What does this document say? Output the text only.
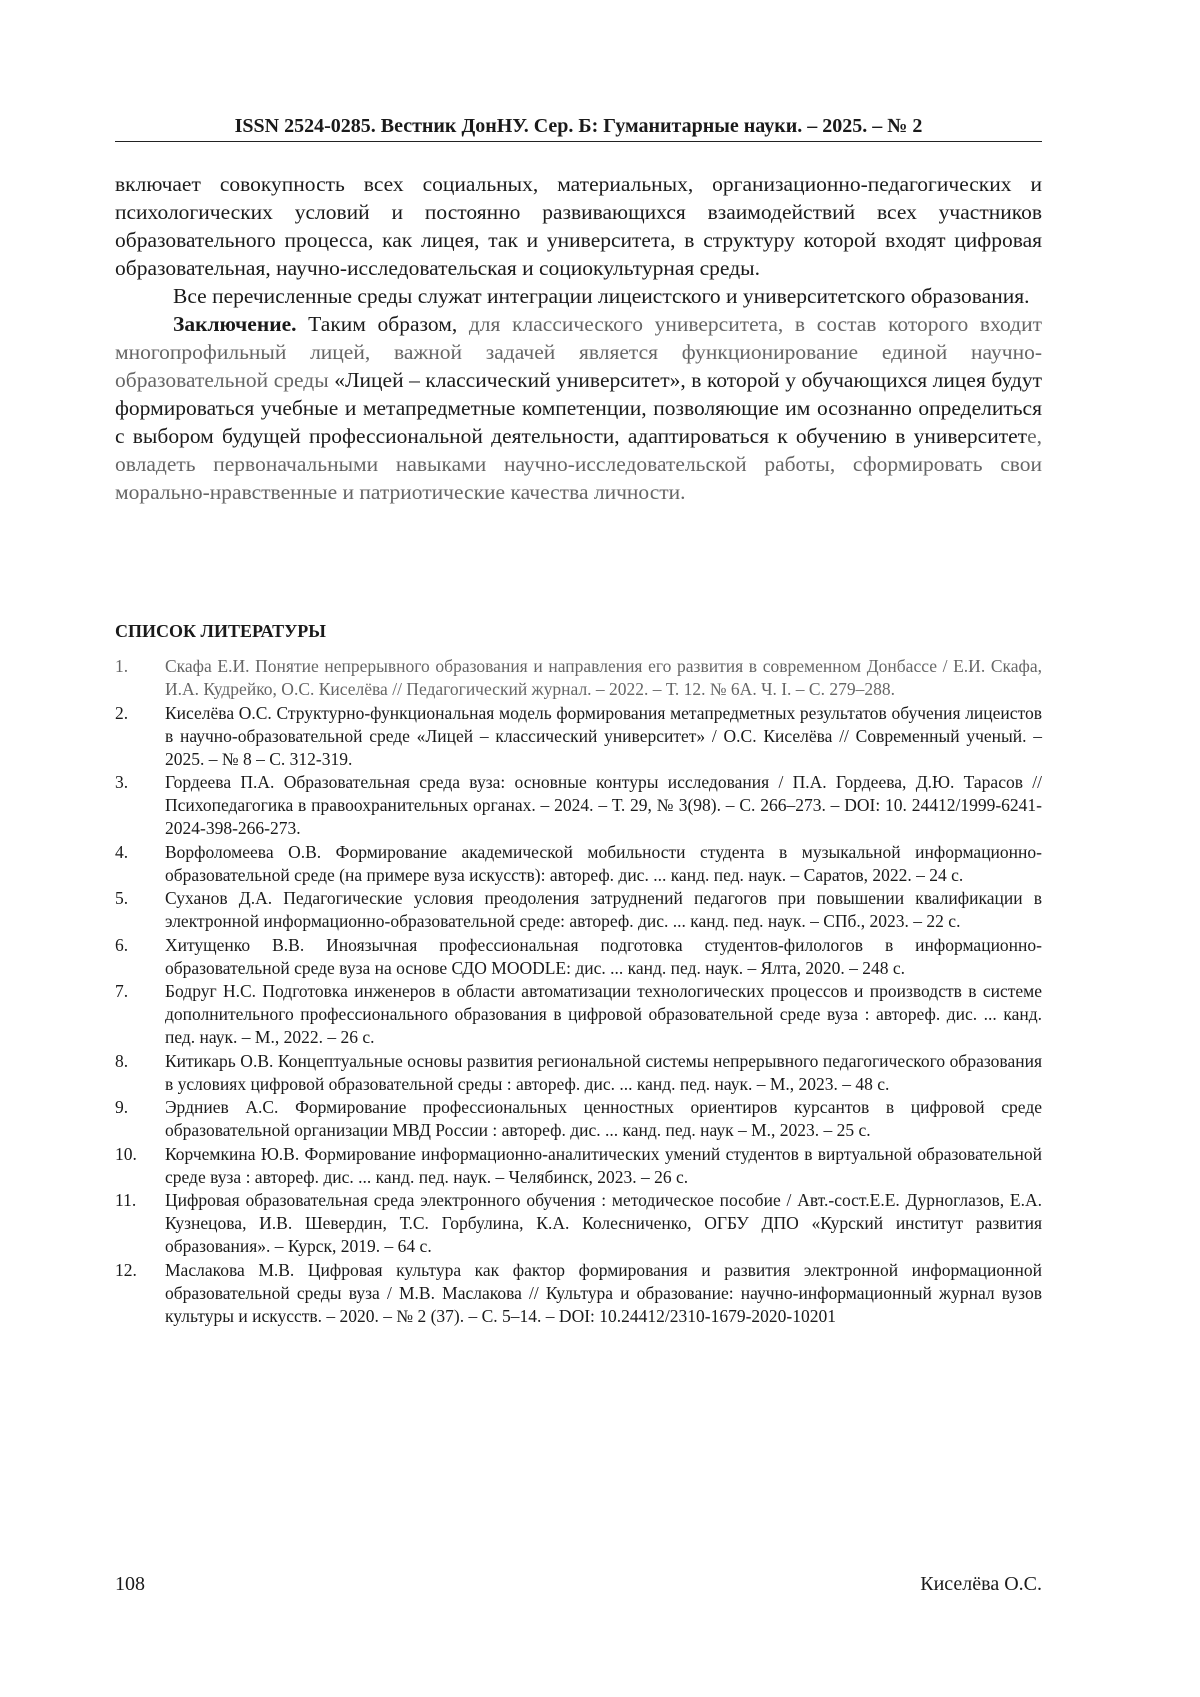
ISSN 2524-0285. Вестник ДонНУ. Сер. Б: Гуманитарные науки. – 2025. – № 2

включает совокупность всех социальных, материальных, организационно-педагогических и психологических условий и постоянно развивающихся взаимодействий всех участников образовательного процесса, как лицея, так и университета, в структуру которой входят цифровая образовательная, научно-исследовательская и социокультурная среды.

Все перечисленные среды служат интеграции лицеистского и университетского образования.

Заключение. Таким образом, для классического университета, в состав которого входит многопрофильный лицей, важной задачей является функционирование единой научно-образовательной среды «Лицей – классический университет», в которой у обучающихся лицея будут формироваться учебные и метапредметные компетенции, позволяющие им осознанно определиться с выбором будущей профессиональной деятельности, адаптироваться к обучению в университете, овладеть первоначальными навыками научно-исследовательской работы, сформировать свои морально-нравственные и патриотические качества личности.

СПИСОК ЛИТЕРАТУРЫ
1. Скафа Е.И. Понятие непрерывного образования и направления его развития в современном Донбассе / Е.И. Скафа, И.А. Кудрейко, О.С. Киселёва // Педагогический журнал. – 2022. – Т. 12. № 6А. Ч. I. – С. 279–288.
2. Киселёва О.С. Структурно-функциональная модель формирования метапредметных результатов обучения лицеистов в научно-образовательной среде «Лицей – классический университет» / О.С. Киселёва // Современный ученый. – 2025. – № 8 – С. 312-319.
3. Гордеева П.А. Образовательная среда вуза: основные контуры исследования / П.А. Гордеева, Д.Ю. Тарасов // Психопедагогика в правоохранительных органах. – 2024. – Т. 29, № 3(98). – С. 266–273. – DOI: 10. 24412/1999-6241-2024-398-266-273.
4. Ворфоломеева О.В. Формирование академической мобильности студента в музыкальной информационно-образовательной среде (на примере вуза искусств): автореф. дис. ... канд. пед. наук. – Саратов, 2022. – 24 с.
5. Суханов Д.А. Педагогические условия преодоления затруднений педагогов при повышении квалификации в электронной информационно-образовательной среде: автореф. дис. ... канд. пед. наук. – СПб., 2023. – 22 с.
6. Хитущенко В.В. Иноязычная профессиональная подготовка студентов-филологов в информационно-образовательной среде вуза на основе СДО MOODLE: дис. ... канд. пед. наук. – Ялта, 2020. – 248 с.
7. Бодруг Н.С. Подготовка инженеров в области автоматизации технологических процессов и производств в системе дополнительного профессионального образования в цифровой образовательной среде вуза : автореф. дис. ... канд. пед. наук. – М., 2022. – 26 с.
8. Китикарь О.В. Концептуальные основы развития региональной системы непрерывного педагогического образования в условиях цифровой образовательной среды : автореф. дис. ... канд. пед. наук. – М., 2023. – 48 с.
9. Эрдниев А.С. Формирование профессиональных ценностных ориентиров курсантов в цифровой среде образовательной организации МВД России : автореф. дис. ... канд. пед. наук – М., 2023. – 25 с.
10. Корчемкина Ю.В. Формирование информационно-аналитических умений студентов в виртуальной образовательной среде вуза : автореф. дис. ... канд. пед. наук. – Челябинск, 2023. – 26 с.
11. Цифровая образовательная среда электронного обучения : методическое пособие / Авт.-сост.Е.Е. Дурноглазов, Е.А. Кузнецова, И.В. Шевердин, Т.С. Горбулина, К.А. Колесниченко, ОГБУ ДПО «Курский институт развития образования». – Курск, 2019. – 64 с.
12. Маслакова М.В. Цифровая культура как фактор формирования и развития электронной информационной образовательной среды вуза / М.В. Маслакова // Культура и образование: научно-информационный журнал вузов культуры и искусств. – 2020. – № 2 (37). – С. 5–14. – DOI: 10.24412/2310-1679-2020-10201
108	Киселёва О.С.
